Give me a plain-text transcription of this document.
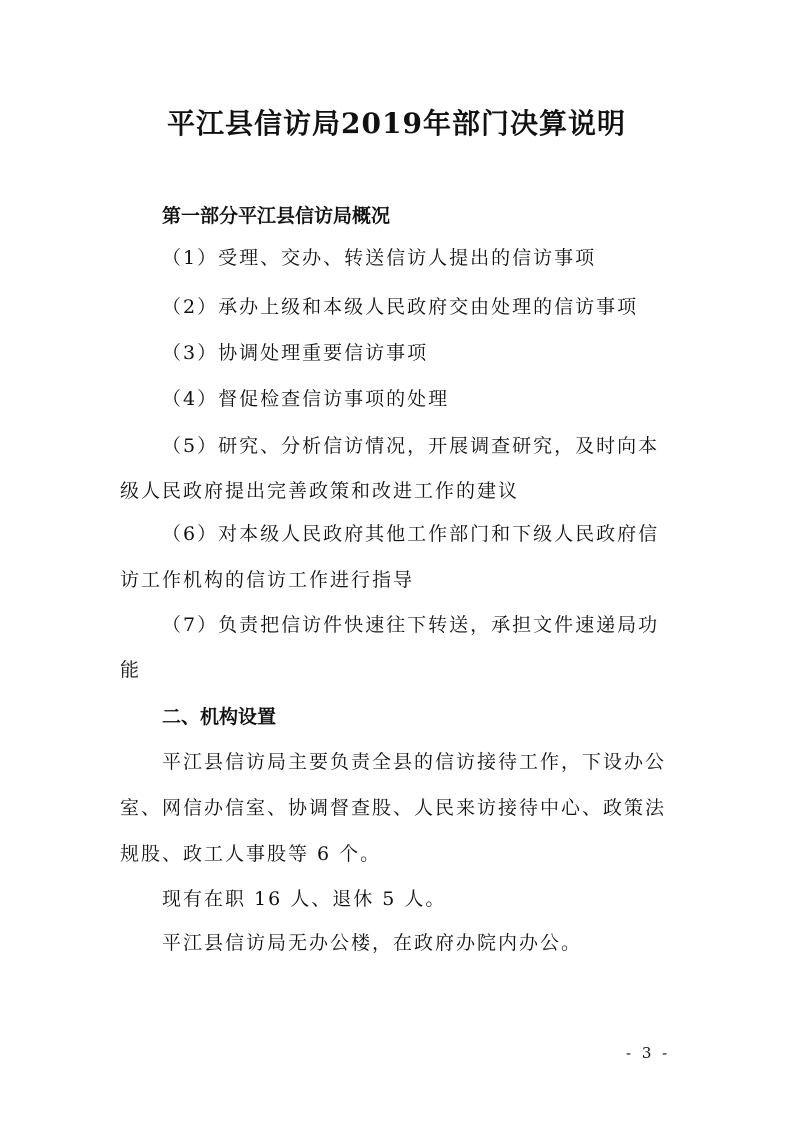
平江县信访局2019年部门决算说明
第一部分平江县信访局概况
（1）受理、交办、转送信访人提出的信访事项
（2）承办上级和本级人民政府交由处理的信访事项
（3）协调处理重要信访事项
（4）督促检查信访事项的处理
（5）研究、分析信访情况，开展调查研究，及时向本
级人民政府提出完善政策和改进工作的建议
（6）对本级人民政府其他工作部门和下级人民政府信
访工作机构的信访工作进行指导
（7）负责把信访件快速往下转送，承担文件速递局功
能
二、机构设置
平江县信访局主要负责全县的信访接待工作，下设办公
室、网信办信室、协调督查股、人民来访接待中心、政策法
规股、政工人事股等 6 个。
现有在职 16 人、退休 5 人。
平江县信访局无办公楼，在政府办院内办公。
- 3 -
